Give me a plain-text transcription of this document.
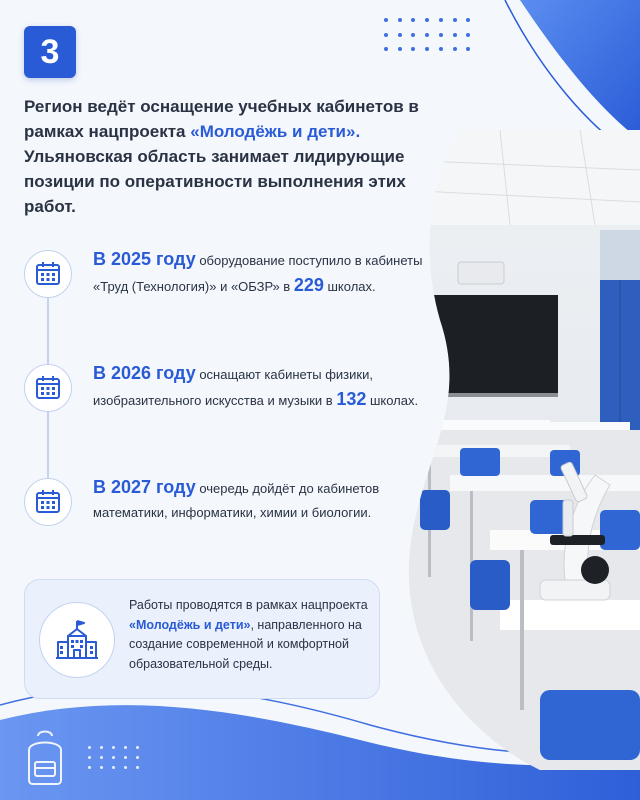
3

Регион ведёт оснащение учебных кабинетов в рамках нацпроекта «Молодёжь и дети». Ульяновская область занимает лидирующие позиции по оперативности выполнения этих работ.

В 2025 году оборудование поступило в кабинеты «Труд (Технология)» и «ОБЗР» в 229 школах.
В 2026 году оснащают кабинеты физики, изобразительного искусства и музыки в 132 школах.
В 2027 году очередь дойдёт до кабинетов математики, информатики, химии и биологии.
Работы проводятся в рамках нацпроекта «Молодёжь и дети», направленного на создание современной и комфортной образовательной среды.
